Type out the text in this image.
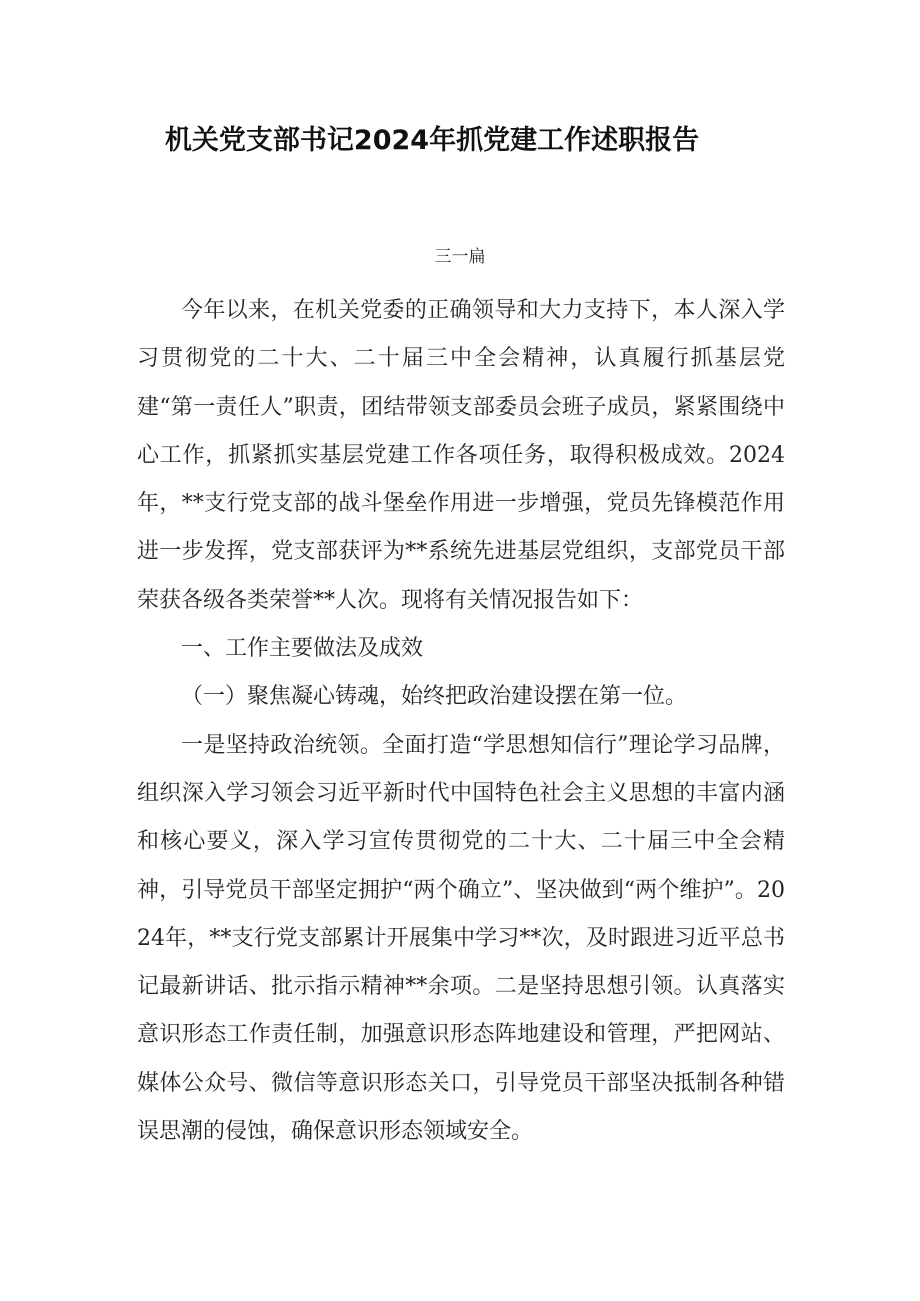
机关党支部书记2024年抓党建工作述职报告
三一扁

今年以来，在机关党委的正确领导和大力支持下，本人深入学习贯彻党的二十大、二十届三中全会精神，认真履行抓基层党建“第一责任人”职责，团结带领支部委员会班子成员，紧紧围绕中心工作，抓紧抓实基层党建工作各项任务，取得积极成效。2024年，**支行党支部的战斗堡垒作用进一步增强，党员先锋模范作用进一步发挥，党支部获评为**系统先进基层党组织，支部党员干部荣获各级各类荣誉**人次。现将有关情况报告如下：

一、工作主要做法及成效

（一）聚焦凝心铸魂，始终把政治建设摆在第一位。

一是坚持政治统领。全面打造“学思想知信行”理论学习品牌，组织深入学习领会习近平新时代中国特色社会主义思想的丰富内涵和核心要义，深入学习宣传贯彻党的二十大、二十届三中全会精神，引导党员干部坚定拥护“两个确立”、坚决做到“两个维护”。2024年，**支行党支部累计开展集中学习**次，及时跟进习近平总书记最新讲话、批示指示精神**余项。二是坚持思想引领。认真落实意识形态工作责任制，加强意识形态阵地建设和管理，严把网站、媒体公众号、微信等意识形态关口，引导党员干部坚决抵制各种错误思潮的侵蚀，确保意识形态领域安全。
